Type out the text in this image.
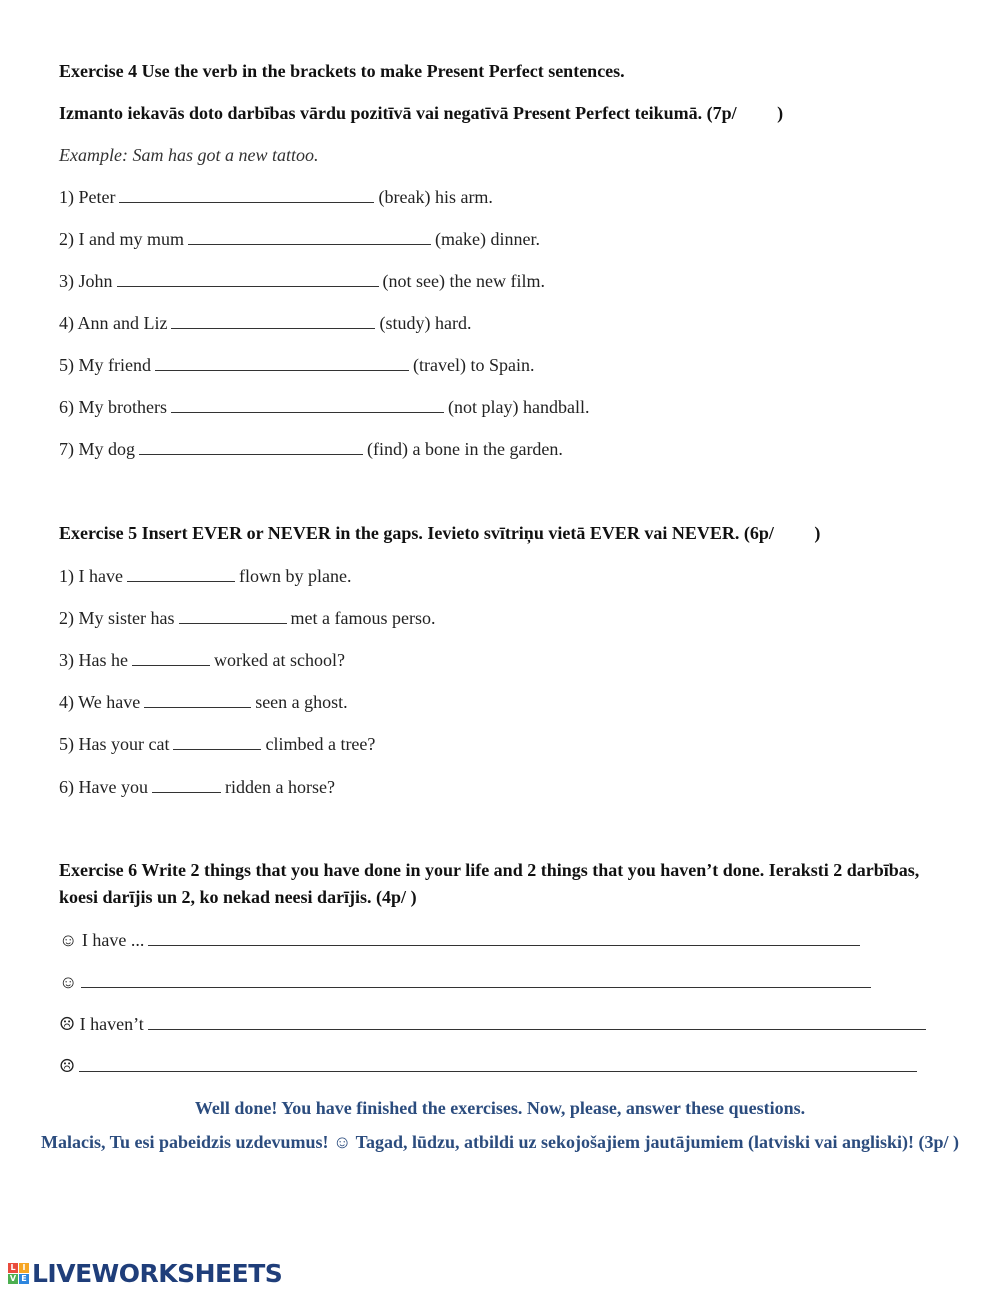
Exercise 4 Use the verb in the brackets to make Present Perfect sentences.
Izmanto iekavās doto darbības vārdu pozitīvā vai negatīvā Present Perfect teikumā. (7p/         )
Example: Sam has got a new tattoo.
1) Peter	(break) his arm.
2) I and my mum	(make) dinner.
3) John	(not see) the new film.
4) Ann and Liz	(study) hard.
5) My friend	(travel) to Spain.
6) My brothers	(not play) handball.
7) My dog	(find) a bone in the garden.
Exercise 5 Insert EVER or NEVER in the gaps. Ievieto svītriņu vietā EVER vai NEVER. (6p/         )
1) I have	flown by plane.
2) My sister has	met a famous perso.
3) Has he	worked at school?
4) We have	seen a ghost.
5) Has your cat	climbed a tree?
6) Have you	ridden a horse?
Exercise 6 Write 2 things that you have done in your life and 2 things that you haven’t done. Ieraksti 2 darbības, koesi darījis un 2, ko nekad neesi darījis. (4p/ )
☺ I have ...
☺
☹ I haven’t
☹
Well done! You have finished the exercises. Now, please, answer these questions.
Malacis, Tu esi pabeidzis uzdevumus! ☺ Tagad, lūdzu, atbildi uz sekojošajiem jautājumiem (latviski vai angliski)! (3p/ )
L I
V E LIVEWORKSHEETS
